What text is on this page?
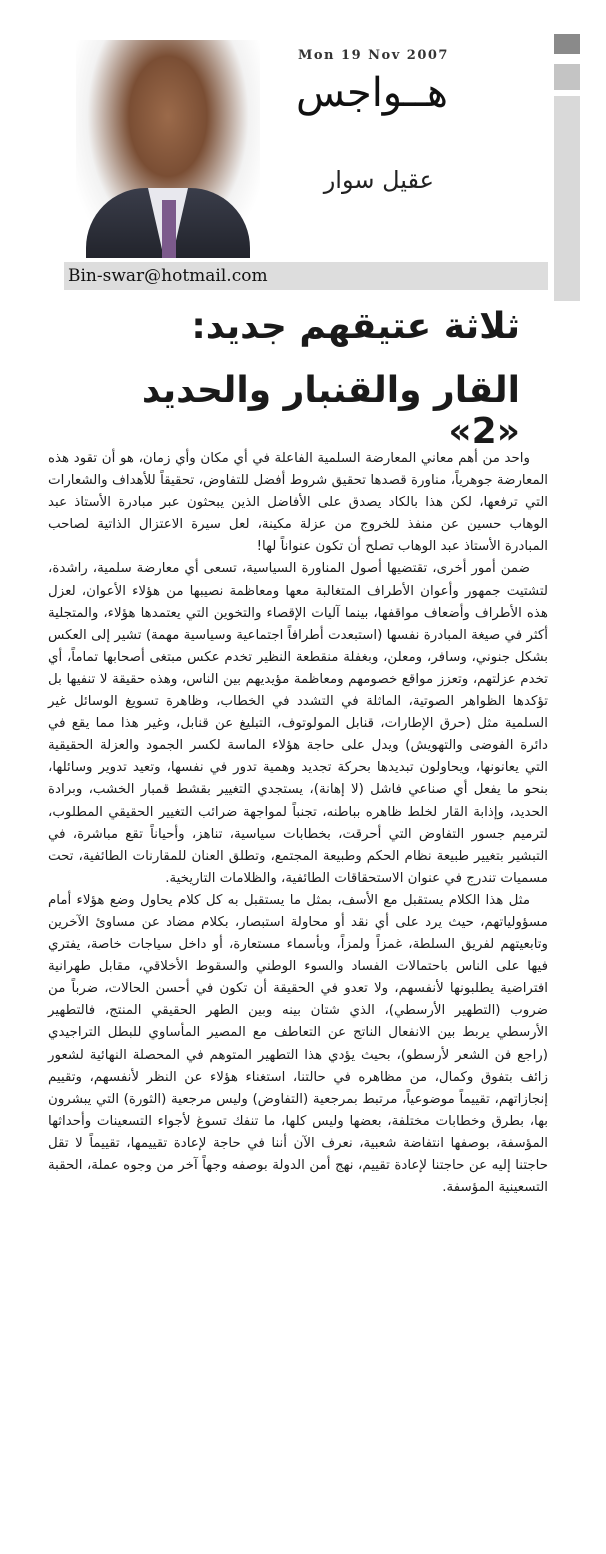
Mon 19 Nov 2007
هــواجس
عقيل سوار
Bin-swar@hotmail.com
ثلاثة عتيقهم جديد:
القار والقنبار والحديد «2»

واحد من أهم معاني المعارضة السلمية الفاعلة في أي مكان وأي زمان، هو أن تقود هذه المعارضة جوهرياً، مناورة قصدها تحقيق شروط أفضل للتفاوض، تحقيقاً للأهداف والشعارات التي ترفعها، لكن هذا بالكاد يصدق على الأفاضل الذين يبحثون عبر مبادرة الأستاذ عبد الوهاب حسين عن منفذ للخروج من عزلة مكينة، لعل سيرة الاعتزال الذاتية لصاحب المبادرة الأستاذ عبد الوهاب تصلح أن تكون عنواناً لها!

ضمن أمور أخرى، تقتضيها أصول المناورة السياسية، تسعى أي معارضة سلمية، راشدة، لتشتيت جمهور وأعوان الأطراف المتغالبة معها ومعاظمة نصيبها من هؤلاء الأعوان، لعزل هذه الأطراف وأضعاف مواقفها، بينما آليات الإقصاء والتخوين التي يعتمدها هؤلاء، والمتجلية أكثر في صيغة المبادرة نفسها (استبعدت أطرافاً اجتماعية وسياسية مهمة) تشير إلى العكس بشكل جنوني، وسافر، ومعلن، وبغفلة منقطعة النظير تخدم عكس مبتغى أصحابها تماماً، أي تخدم عزلتهم، وتعزز مواقع خصومهم ومعاظمة مؤيديهم بين الناس، وهذه حقيقة لا تنفيها بل تؤكدها الظواهر الصوتية، الماثلة في التشدد في الخطاب، وظاهرة تسويغ الوسائل غير السلمية مثل (حرق الإطارات، قنابل المولوتوف، التبليغ عن قنابل، وغير هذا مما يقع في دائرة الفوضى والتهويش) ويدل على حاجة هؤلاء الماسة لكسر الجمود والعزلة الحقيقية التي يعانونها، ويحاولون تبديدها بحركة تجديد وهمية تدور في نفسها، وتعيد تدوير وسائلها، بنحو ما يفعل أي صناعي فاشل (لا إهانة)، يستجدي التغيير بقشط قمبار الخشب، وبرادة الحديد، وإذابة القار لخلط ظاهره بباطنه، تجنباً لمواجهة ضرائب التغيير الحقيقي المطلوب، لترميم جسور التفاوض التي أحرقت، بخطابات سياسية، تناهز، وأحياناً تقع مباشرة، في التبشير بتغيير طبيعة نظام الحكم وطبيعة المجتمع، وتطلق العنان للمقارنات الطائفية، تحت مسميات تندرج في عنوان الاستحقاقات الطائفية، والظلامات التاريخية.

مثل هذا الكلام يستقبل مع الأسف، بمثل ما يستقبل به كل كلام يحاول وضع هؤلاء أمام مسؤولياتهم، حيث يرد على أي نقد أو محاولة استبصار، بكلام مضاد عن مساوئ الآخرين وتابعيتهم لفريق السلطة، غمزاً ولمزاً، وبأسماء مستعارة، أو داخل سياجات خاصة، يفتري فيها على الناس باحتمالات الفساد والسوء الوطني والسقوط الأخلاقي، مقابل طهرانية افتراضية يطلبونها لأنفسهم، ولا تعدو في الحقيقة أن تكون في أحسن الحالات، ضرباً من ضروب (التطهير الأرسطي)، الذي شتان بينه وبين الطهر الحقيقي المنتج، فالتطهير الأرسطي يربط بين الانفعال الناتج عن التعاطف مع المصير المأساوي للبطل التراجيدي (راجع فن الشعر لأرسطو)، بحيث يؤدي هذا التطهير المتوهم في المحصلة النهائية لشعور زائف بتفوق وكمال، من مظاهره في حالتنا، استغناء هؤلاء عن النظر لأنفسهم، وتقييم إنجازاتهم، تقييماً موضوعياً، مرتبط بمرجعية (التفاوض) وليس مرجعية (الثورة) التي يبشرون بها، بطرق وخطابات مختلفة، بعضها وليس كلها، ما تنفك تسوغ لأجواء التسعينات وأحداثها المؤسفة، بوصفها انتفاضة شعبية، نعرف الآن أننا في حاجة لإعادة تقييمها، تقييماً لا تقل حاجتنا إليه عن حاجتنا لإعادة تقييم، نهج أمن الدولة بوصفه وجهاً آخر من وجوه عملة، الحقبة التسعينية المؤسفة.
